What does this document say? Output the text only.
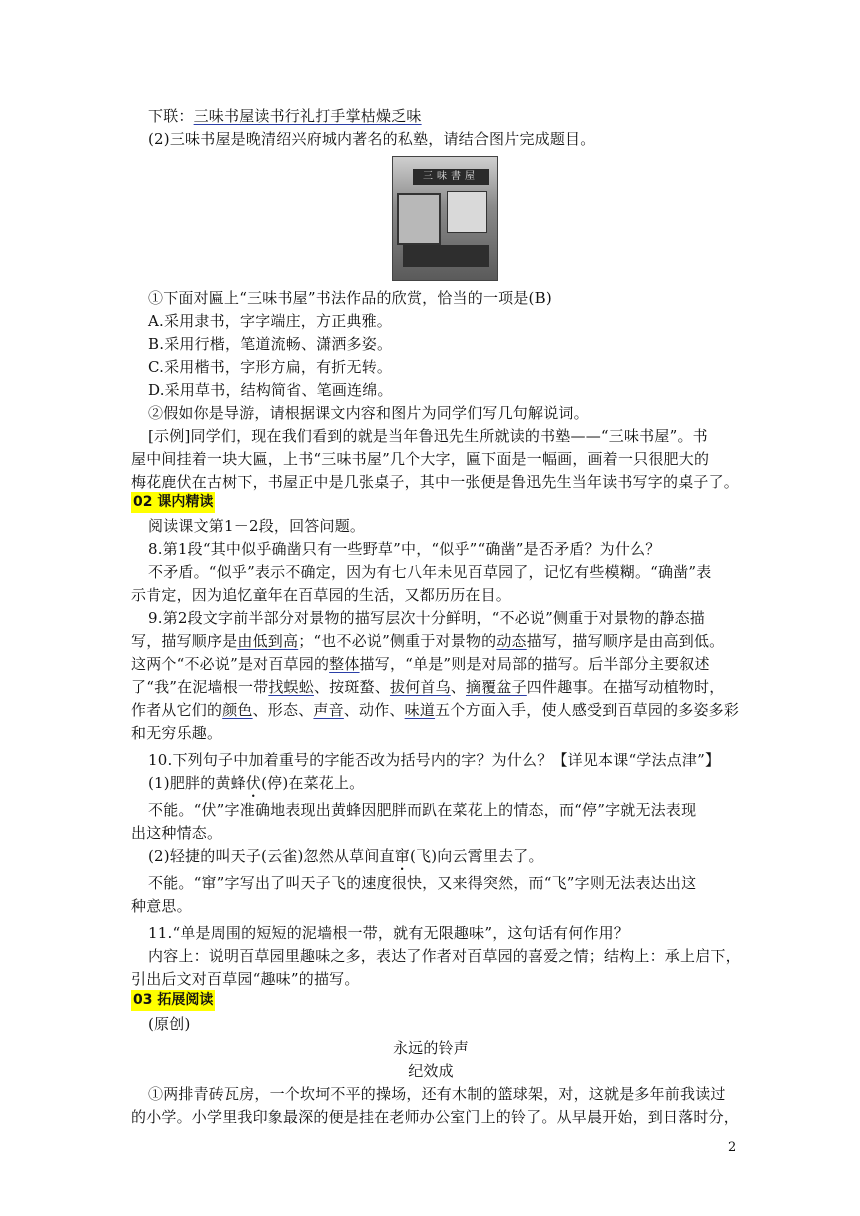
下联：三味书屋读书行礼打手掌枯燥乏味
(2)三味书屋是晚清绍兴府城内著名的私塾，请结合图片完成题目。
三味書屋
①下面对匾上“三味书屋”书法作品的欣赏，恰当的一项是(B)
A.采用隶书，字字端庄，方正典雅。
B.采用行楷，笔道流畅、潇洒多姿。
C.采用楷书，字形方扁，有折无转。
D.采用草书，结构简省、笔画连绵。
②假如你是导游，请根据课文内容和图片为同学们写几句解说词。
[示例]同学们，现在我们看到的就是当年鲁迅先生所就读的书塾——“三味书屋”。书
屋中间挂着一块大匾，上书“三味书屋”几个大字，匾下面是一幅画，画着一只很肥大的
梅花鹿伏在古树下，书屋正中是几张桌子，其中一张便是鲁迅先生当年读书写字的桌子了。
02 课内精读
阅读课文第1－2段，回答问题。
8.第1段“其中似乎确凿只有一些野草”中，“似乎”“确凿”是否矛盾？为什么？
不矛盾。“似乎”表示不确定，因为有七八年未见百草园了，记忆有些模糊。“确凿”表
示肯定，因为追忆童年在百草园的生活，又都历历在目。
9.第2段文字前半部分对景物的描写层次十分鲜明，“不必说”侧重于对景物的静态描
写，描写顺序是由低到高；“也不必说”侧重于对景物的动态描写，描写顺序是由高到低。
这两个“不必说”是对百草园的整体描写，“单是”则是对局部的描写。后半部分主要叙述
了“我”在泥墙根一带找蜈蚣、按斑蝥、拔何首乌、摘覆盆子四件趣事。在描写动植物时，
作者从它们的颜色、形态、声音、动作、味道五个方面入手，使人感受到百草园的多姿多彩
和无穷乐趣。
10.下列句子中加着重号的字能否改为括号内的字？为什么？【详见本课“学法点津”】
(1)肥胖的黄蜂伏(停)在菜花上。
不能。“伏”字准确地表现出黄蜂因肥胖而趴在菜花上的情态，而“停”字就无法表现
出这种情态。
(2)轻捷的叫天子(云雀)忽然从草间直窜(飞)向云霄里去了。
不能。“窜”字写出了叫天子飞的速度很快，又来得突然，而“飞”字则无法表达出这
种意思。
11.“单是周围的短短的泥墙根一带，就有无限趣味”，这句话有何作用？
内容上：说明百草园里趣味之多，表达了作者对百草园的喜爱之情；结构上：承上启下，
引出后文对百草园“趣味”的描写。
03 拓展阅读
(原创)
永远的铃声
纪效成
①两排青砖瓦房，一个坎坷不平的操场，还有木制的篮球架，对，这就是多年前我读过
的小学。小学里我印象最深的便是挂在老师办公室门上的铃了。从早晨开始，到日落时分，
2
